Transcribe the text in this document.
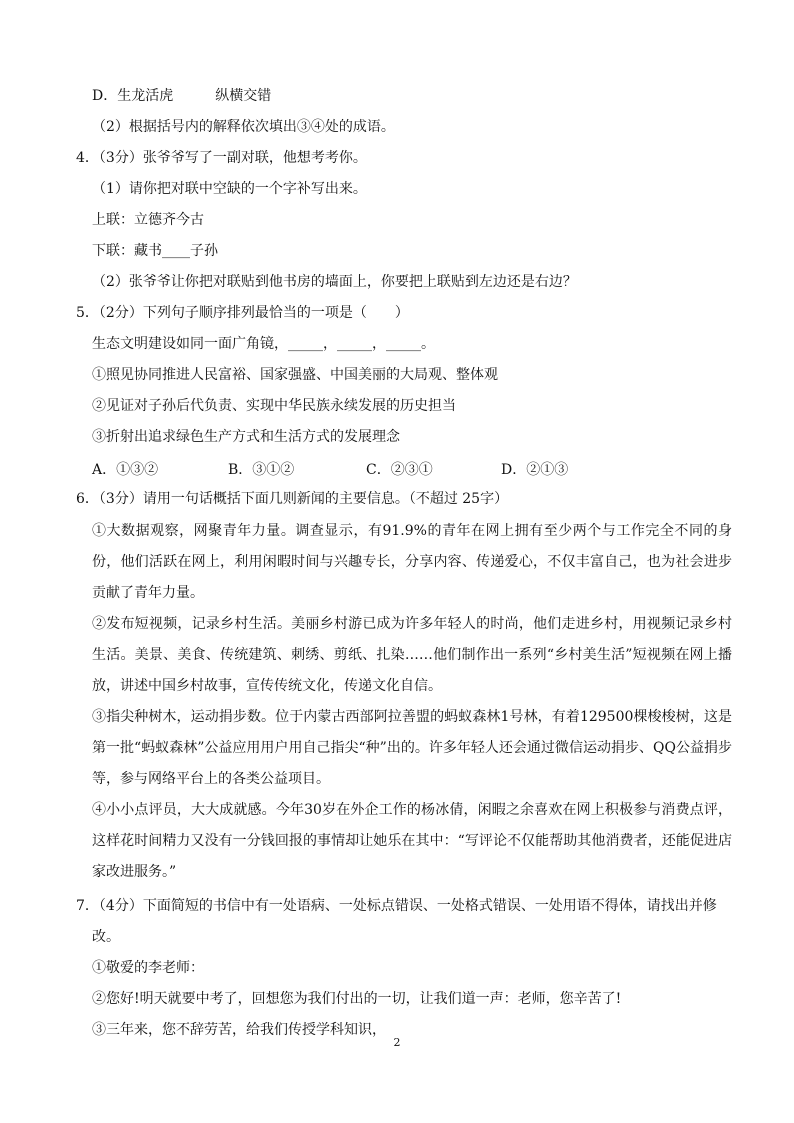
D．生龙活虎　　　纵横交错
（2）根据括号内的解释依次填出③④处的成语。
4．（3分）张爷爷写了一副对联，他想考考你。
（1）请你把对联中空缺的一个字补写出来。
上联：立德齐今古
下联：藏书____子孙
（2）张爷爷让你把对联贴到他书房的墙面上，你要把上联贴到左边还是右边？
5．（2分）下列句子顺序排列最恰当的一项是（　　）
生态文明建设如同一面广角镜，_____，_____，_____。
①照见协同推进人民富裕、国家强盛、中国美丽的大局观、整体观
②见证对子孙后代负责、实现中华民族永续发展的历史担当
③折射出追求绿色生产方式和生活方式的发展理念
A．①③②	B．③①②	C．②③①	D．②①③
6．（3分）请用一句话概括下面几则新闻的主要信息。（不超过 25字）
①大数据观察，网聚青年力量。调查显示，有91.9%的青年在网上拥有至少两个与工作完全不同的身份，他们活跃在网上，利用闲暇时间与兴趣专长，分享内容、传递爱心，不仅丰富自己，也为社会进步贡献了青年力量。
②发布短视频，记录乡村生活。美丽乡村游已成为许多年轻人的时尚，他们走进乡村，用视频记录乡村生活。美景、美食、传统建筑、刺绣、剪纸、扎染……他们制作出一系列“乡村美生活”短视频在网上播放，讲述中国乡村故事，宣传传统文化，传递文化自信。
③指尖种树木，运动捐步数。位于内蒙古西部阿拉善盟的蚂蚁森林1号林，有着129500棵梭梭树，这是第一批“蚂蚁森林”公益应用用户用自己指尖“种”出的。许多年轻人还会通过微信运动捐步、QQ公益捐步等，参与网络平台上的各类公益项目。
④小小点评员，大大成就感。今年30岁在外企工作的杨冰倩，闲暇之余喜欢在网上积极参与消费点评，这样花时间精力又没有一分钱回报的事情却让她乐在其中：“写评论不仅能帮助其他消费者，还能促进店家改进服务。”
7．（4分）下面简短的书信中有一处语病、一处标点错误、一处格式错误、一处用语不得体，请找出并修
改。
①敬爱的李老师：
②您好!明天就要中考了，回想您为我们付出的一切，让我们道一声：老师，您辛苦了!
③三年来，您不辞劳苦，给我们传授学科知识，
2
